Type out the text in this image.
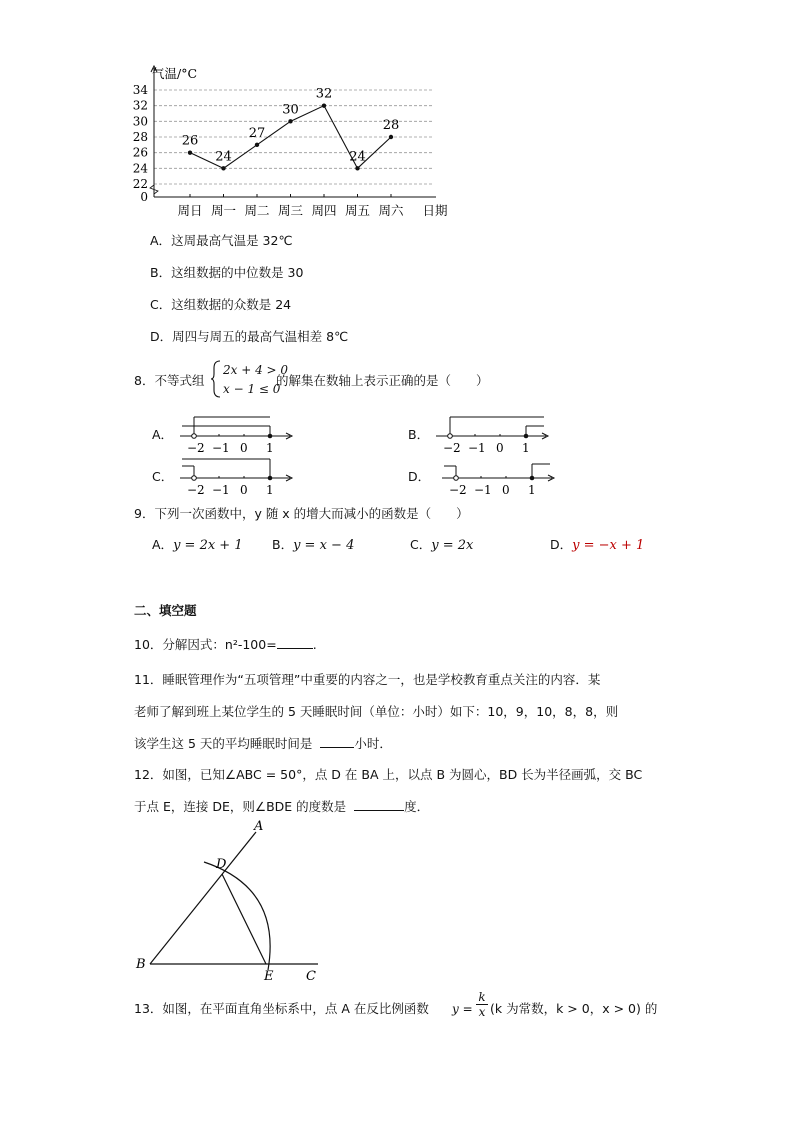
0
22
24
26
28
30
32
34
周日 周一 周二 周三 周四 周五 周六
气温/°C
日期
26
24
27
30
32
24
28
A．这周最高气温是 32℃
B．这组数据的中位数是 30
C．这组数据的众数是 24
D．周四与周五的最高气温相差 8℃
8．不等式组
2x + 4 > 0
x − 1 ≤ 0
的解集在数轴上表示正确的是（　　）
A．
−2 −1 0 1
B．
−2 −1 0 1
C．
−2 −1 0 1
D．
−2 −1 0 1
9．下列一次函数中，y 随 x 的增大而减小的函数是（　　）
A．y = 2x + 1 B．y = x − 4	C．y = 2x	D．y = −x + 1
二、填空题
10．分解因式：n²-100=	.
11．睡眠管理作为“五项管理”中重要的内容之一，也是学校教育重点关注的内容．某
老师了解到班上某位学生的 5 天睡眠时间（单位：小时）如下：10，9，10，8，8，则
该学生这 5 天的平均睡眠时间是	小时．
12．如图，已知∠ABC = 50°，点 D 在 BA 上，以点 B 为圆心，BD 长为半径画弧，交 BC
于点 E，连接 DE，则∠BDE 的度数是	度．
A
B
C
D
E
13．如图，在平面直角坐标系中，点 A 在反比例函数 y =
k
x (k 为常数，k > 0，x > 0) 的
